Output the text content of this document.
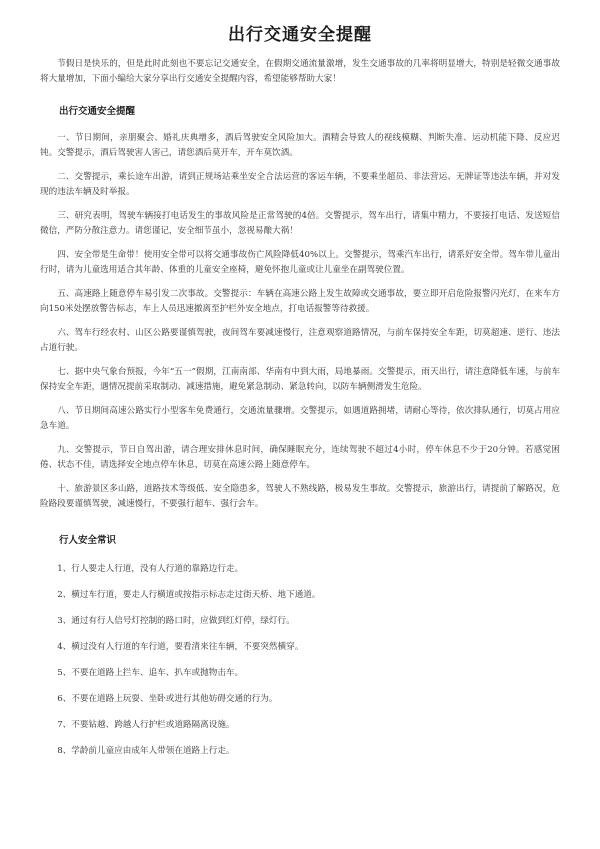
出行交通安全提醒

节假日是快乐的，但是此时此刻也不要忘记交通安全，在假期交通流量激增，发生交通事故的几率将明显增大，特别是轻微交通事故将大量增加，下面小编给大家分享出行交通安全提醒内容，希望能够帮助大家！

出行交通安全提醒

一、节日期间，亲朋聚会、婚礼庆典增多，酒后驾驶安全风险加大。酒精会导致人的视线模糊、判断失准、运动机能下降、反应迟钝。交警提示，酒后驾驶害人害己，请您酒后莫开车，开车莫饮酒。

二、交警提示，乘长途车出游，请到正规场站乘坐安全合法运营的客运车辆，不要乘坐超员、非法营运、无牌证等违法车辆，并对发现的违法车辆及时举报。

三、研究表明，驾驶车辆接打电话发生的事故风险是正常驾驶的4倍。交警提示，驾车出行，请集中精力，不要接打电话、发送短信微信，严防分散注意力。请您谨记，安全细节虽小，忽视易酿大祸！

四、安全带是生命带！使用安全带可以将交通事故伤亡风险降低40%以上。交警提示，驾乘汽车出行，请系好安全带。驾车带儿童出行时，请为儿童选用适合其年龄、体重的儿童安全座椅，避免怀抱儿童或让儿童坐在副驾驶位置。

五、高速路上随意停车易引发二次事故。交警提示：车辆在高速公路上发生故障或交通事故，要立即开启危险报警闪光灯，在来车方向150米处摆放警告标志，车上人员迅速撤离至护栏外安全地点，打电话报警等待救援。

六、驾车行经农村、山区公路要谨慎驾驶，夜间驾车要减速慢行，注意观察道路情况，与前车保持安全车距，切莫超速、逆行、违法占道行驶。

七、据中央气象台预报，今年“五一”假期，江南南部、华南有中到大雨，局地暴雨。交警提示，雨天出行，请注意降低车速，与前车保持安全车距，遇情况提前采取制动、减速措施，避免紧急制动、紧急转向，以防车辆侧滑发生危险。

八、节日期间高速公路实行小型客车免费通行，交通流量骤增。交警提示，如遇道路拥堵，请耐心等待，依次排队通行，切莫占用应急车道。

九、交警提示，节日自驾出游，请合理安排休息时间，确保睡眠充分，连续驾驶不超过4小时，停车休息不少于20分钟。若感觉困倦、状态不佳，请选择安全地点停车休息，切莫在高速公路上随意停车。

十、旅游景区多山路，道路技术等级低、安全隐患多，驾驶人不熟线路，极易发生事故。交警提示，旅游出行，请提前了解路况，危险路段要谨慎驾驶，减速慢行，不要强行超车、强行会车。

行人安全常识
1、行人要走人行道，没有人行道的靠路边行走。
2、横过车行道，要走人行横道或按指示标志走过街天桥、地下通道。
3、通过有行人信号灯控制的路口时，应做到红灯停，绿灯行。
4、横过没有人行道的车行道，要看清来往车辆，不要突然横穿。
5、不要在道路上拦车、追车、扒车或抛物击车。
6、不要在道路上玩耍、坐卧或进行其他妨碍交通的行为。
7、不要钻越、跨越人行护栏或道路隔离设施。
8、学龄前儿童应由成年人带领在道路上行走。
